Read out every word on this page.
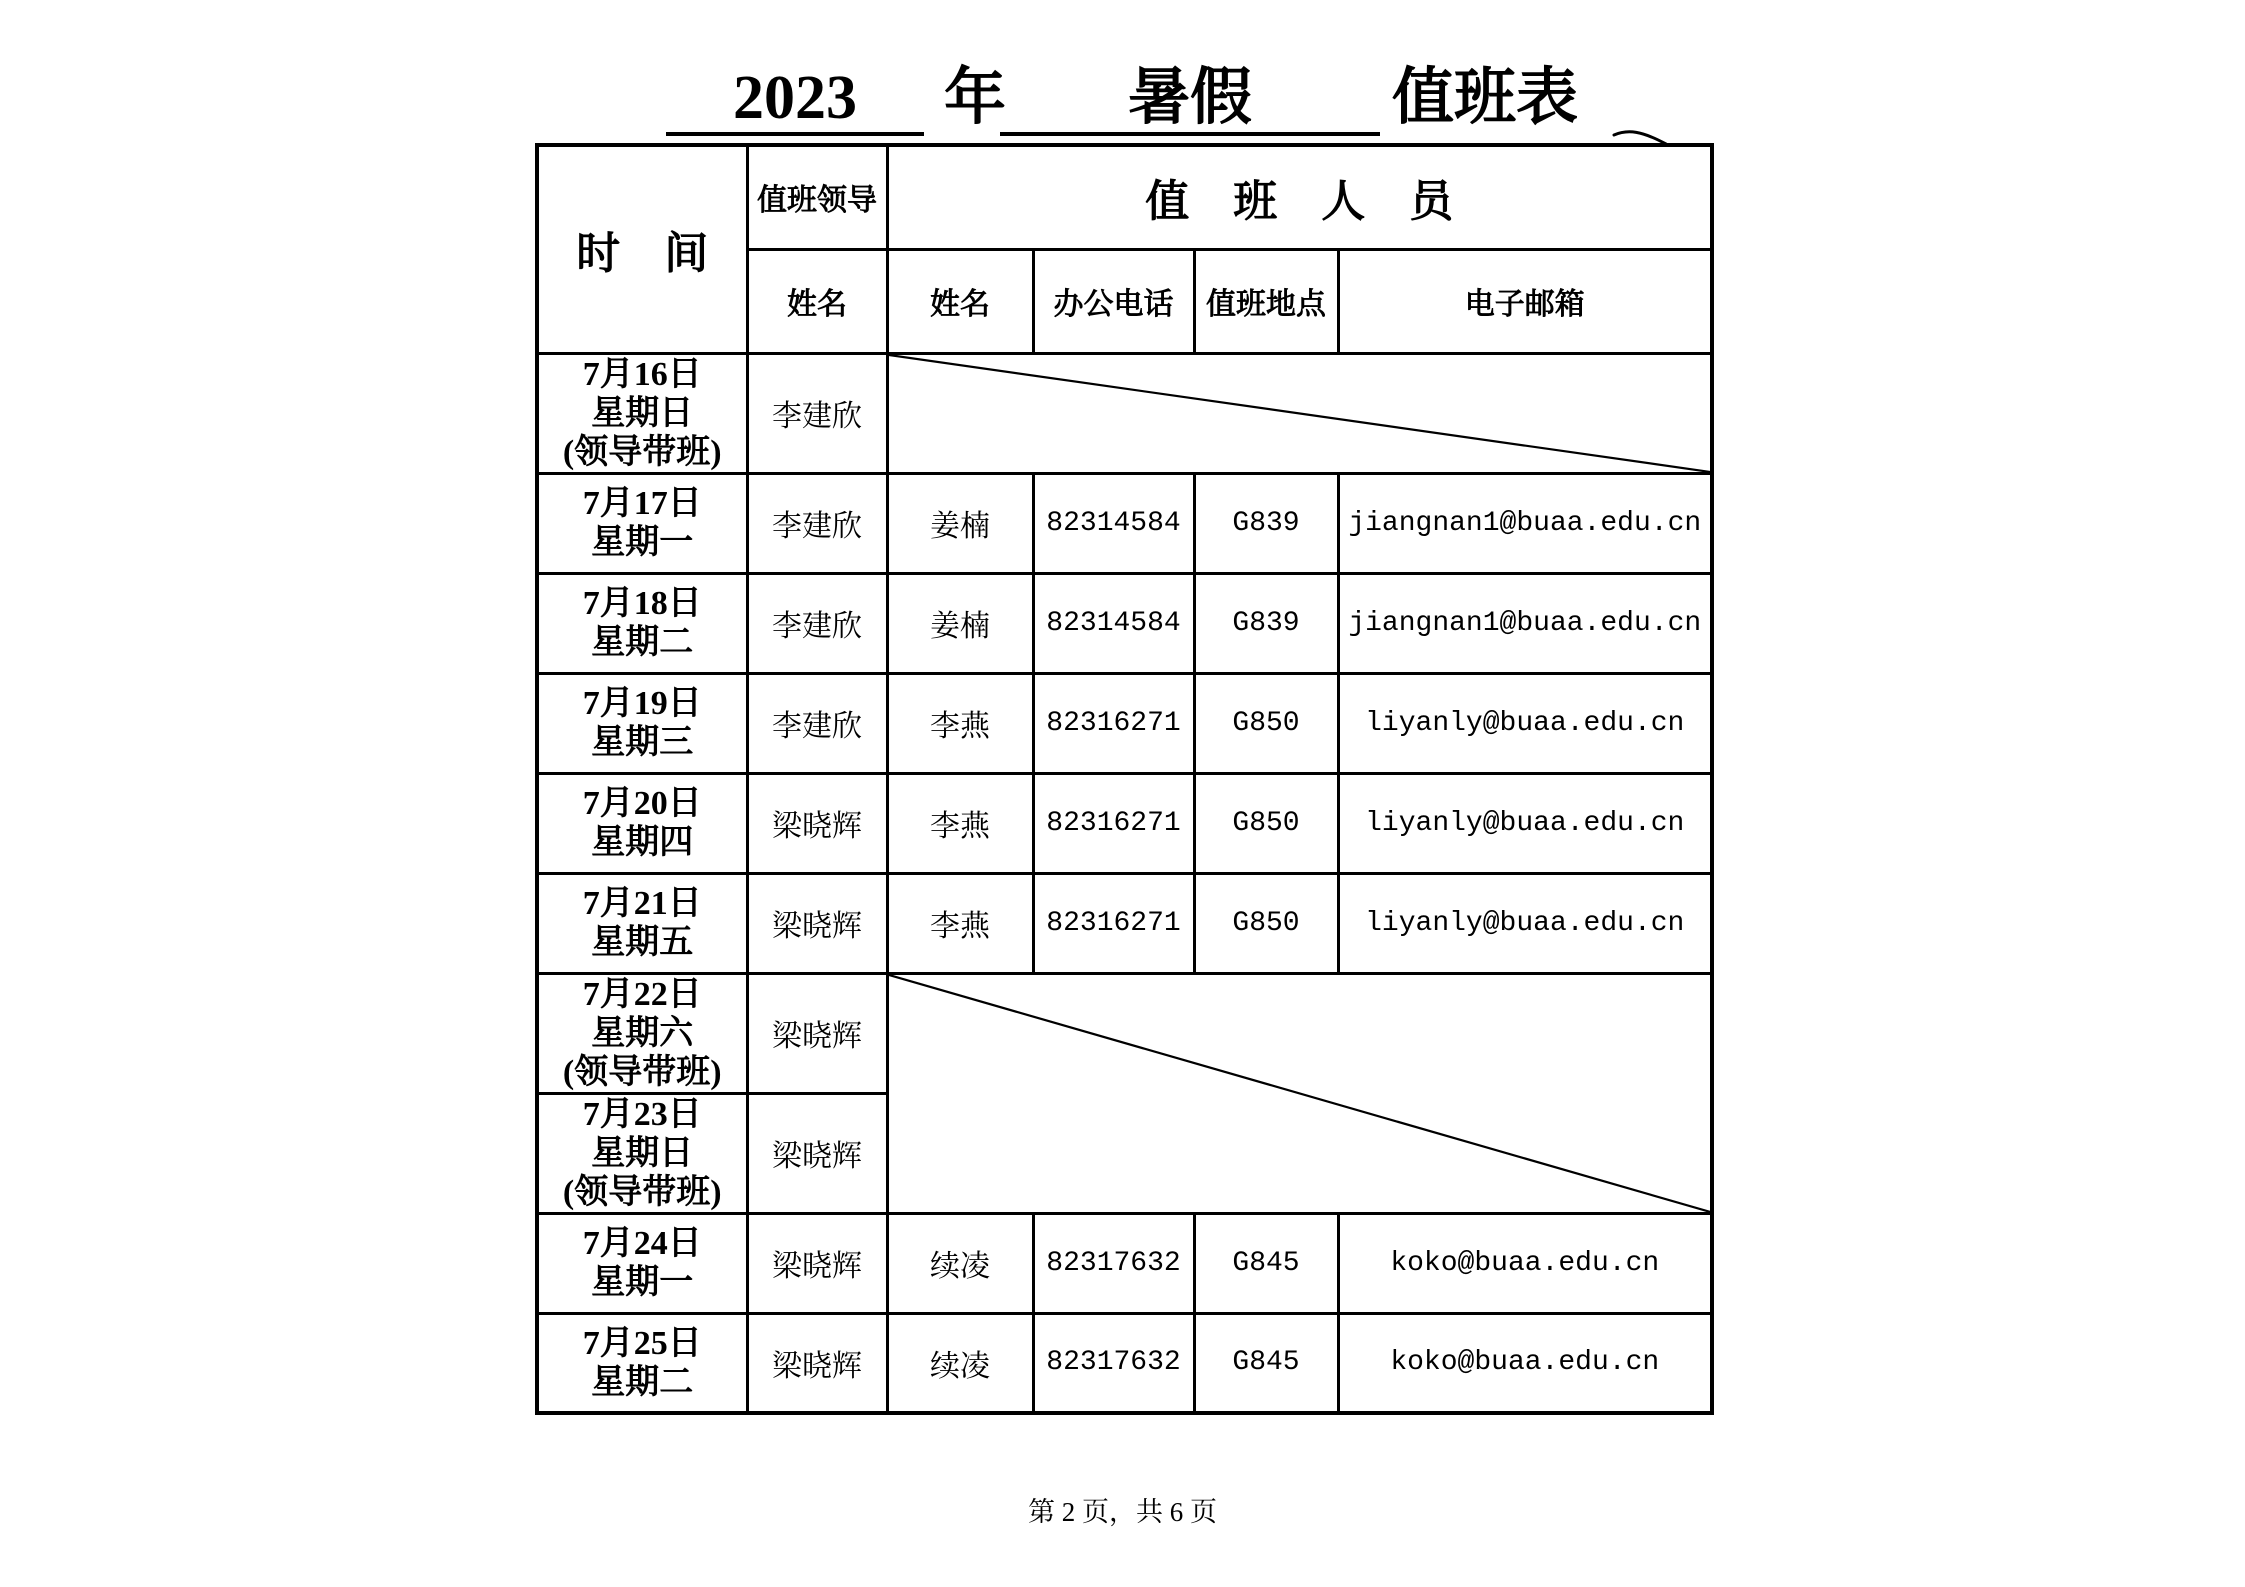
2023	年	暑假	值班表
时　间	值班领导	值　班　人　员			
	姓名	姓名	办公电话	值班地点	电子邮箱

7月16日
星期日
(领导带班)	李建欣	

7月17日
星期一	李建欣	姜楠	82314584	G839	jiangnan1@buaa.edu.cn

7月18日
星期二	李建欣	姜楠	82314584	G839	jiangnan1@buaa.edu.cn

7月19日
星期三	李建欣	李燕	82316271	G850	liyanly@buaa.edu.cn

7月20日
星期四	梁晓辉	李燕	82316271	G850	liyanly@buaa.edu.cn

7月21日
星期五	梁晓辉	李燕	82316271	G850	liyanly@buaa.edu.cn

7月22日
星期六
(领导带班)	梁晓辉	

7月23日
星期日
(领导带班)	梁晓辉				

7月24日
星期一	梁晓辉	续凌	82317632	G845	koko@buaa.edu.cn

7月25日
星期二	梁晓辉	续凌	82317632	G845	koko@buaa.edu.cn
第 2 页，共 6 页
